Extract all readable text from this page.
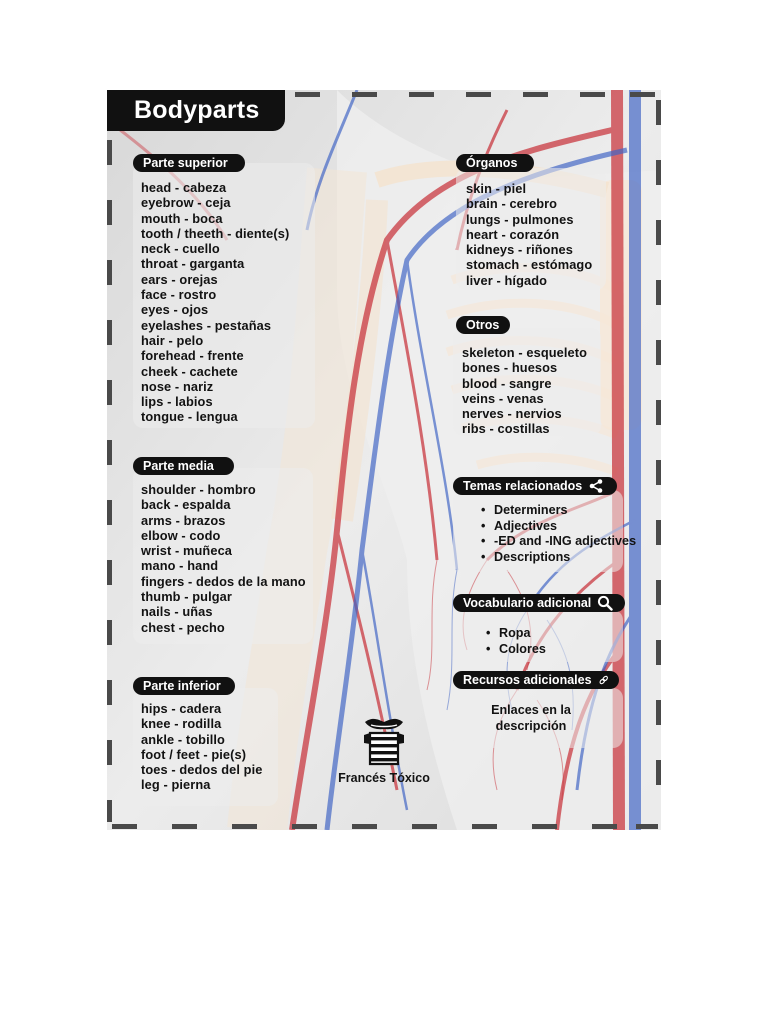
Bodyparts
Parte superior
head - cabeza
eyebrow - ceja
mouth - boca
tooth / theeth - diente(s)
neck - cuello
throat - garganta
ears - orejas
face - rostro
eyes - ojos
eyelashes - pestañas
hair - pelo
forehead - frente
cheek - cachete
nose - nariz
lips - labios
tongue - lengua
Parte media
shoulder - hombro
back - espalda
arms - brazos
elbow - codo
wrist - muñeca
mano - hand
fingers - dedos de la mano
thumb - pulgar
nails - uñas
chest - pecho
Parte inferior
hips - cadera
knee - rodilla
ankle - tobillo
foot / feet - pie(s)
toes - dedos del pie
leg - pierna
Órganos
skin - piel
brain - cerebro
lungs - pulmones
heart - corazón
kidneys - riñones
stomach - estómago
liver - hígado
Otros
skeleton - esqueleto
bones - huesos
blood - sangre
veins - venas
nerves - nervios
ribs - costillas
Temas relacionados
• Determiners
• Adjectives
• -ED and -ING adjectives
• Descriptions
Vocabulario adicional
• Ropa
• Colores
Recursos adicionales
Enlaces en la descripción
Francés Tóxico
